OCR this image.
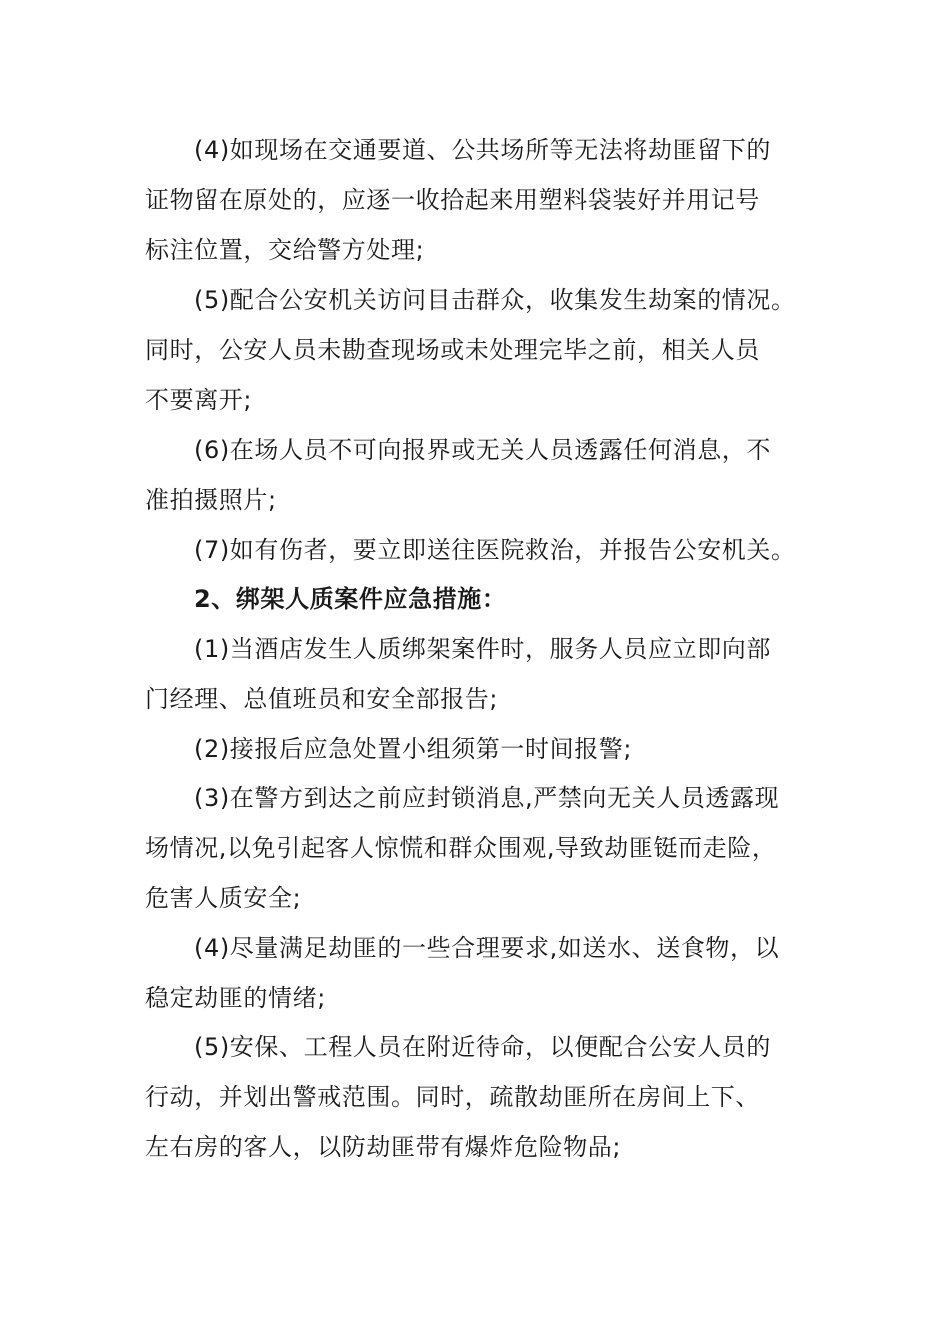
(4)如现场在交通要道、公共场所等无法将劫匪留下的
证物留在原处的，应逐一收拾起来用塑料袋装好并用记号
标注位置，交给警方处理;
(5)配合公安机关访问目击群众，收集发生劫案的情况。
同时，公安人员未勘查现场或未处理完毕之前，相关人员
不要离开;
(6)在场人员不可向报界或无关人员透露任何消息，不
准拍摄照片;
(7)如有伤者，要立即送往医院救治，并报告公安机关。
2、绑架人质案件应急措施：
(1)当酒店发生人质绑架案件时，服务人员应立即向部
门经理、总值班员和安全部报告;
(2)接报后应急处置小组须第一时间报警;
(3)在警方到达之前应封锁消息,严禁向无关人员透露现
场情况,以免引起客人惊慌和群众围观,导致劫匪铤而走险，
危害人质安全;
(4)尽量满足劫匪的一些合理要求,如送水、送食物，以
稳定劫匪的情绪;
(5)安保、工程人员在附近待命，以便配合公安人员的
行动，并划出警戒范围。同时，疏散劫匪所在房间上下、
左右房的客人，以防劫匪带有爆炸危险物品;
